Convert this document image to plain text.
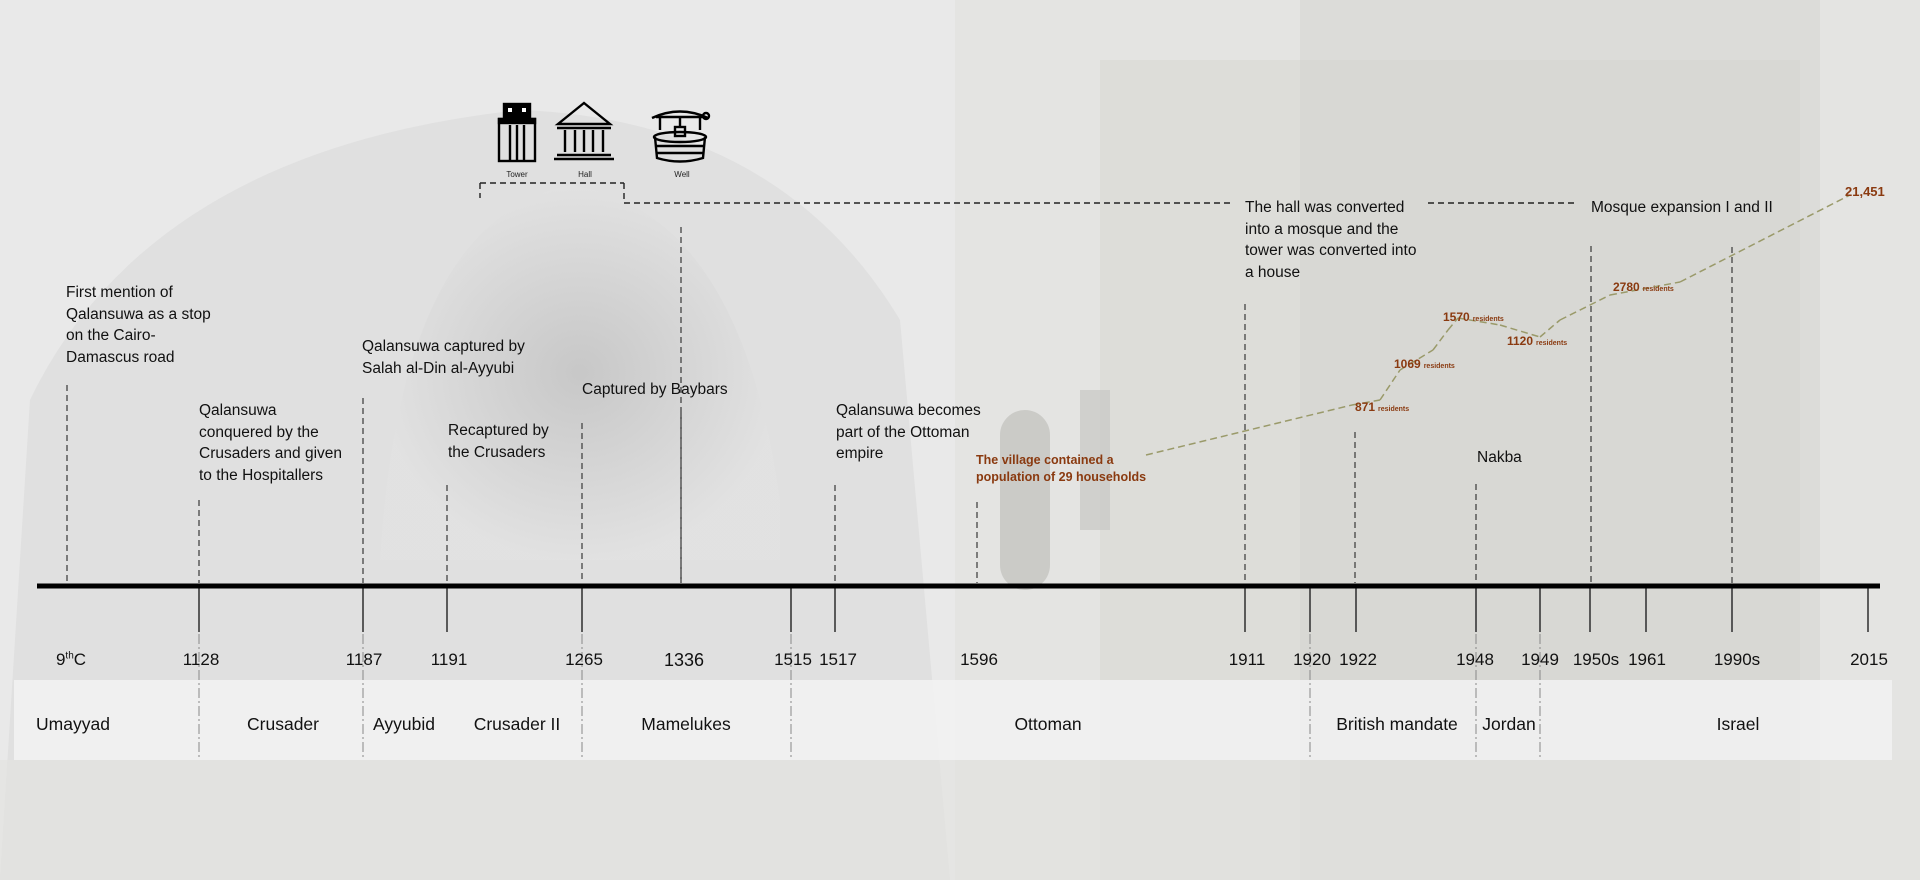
Tower	Hall	Well
First mention of
Qalansuwa as a stop
on the Cairo-
Damascus road
Qalansuwa
conquered by the
Crusaders and given
to the Hospitallers
Qalansuwa captured by
Salah al-Din al-Ayyubi
Recaptured by
the Crusaders
Captured by Baybars
Qalansuwa becomes
part of the Ottoman
empire
The hall was converted
into a mosque and the
tower was converted into
a house
Mosque expansion I and II
Nakba
The village contained a
population of 29 households
871 residents
1069 residents
1570 residents
1120 residents
2780 residents
21,451
9thC	1128	1187	1191	1265	1336	1515 1517	1596	1911 1920 1922	1948 1949 1950s 1961	1990s	2015
Umayyad	Crusader	Ayyubid Crusader II	Mamelukes	Ottoman	British mandate Jordan	Israel
